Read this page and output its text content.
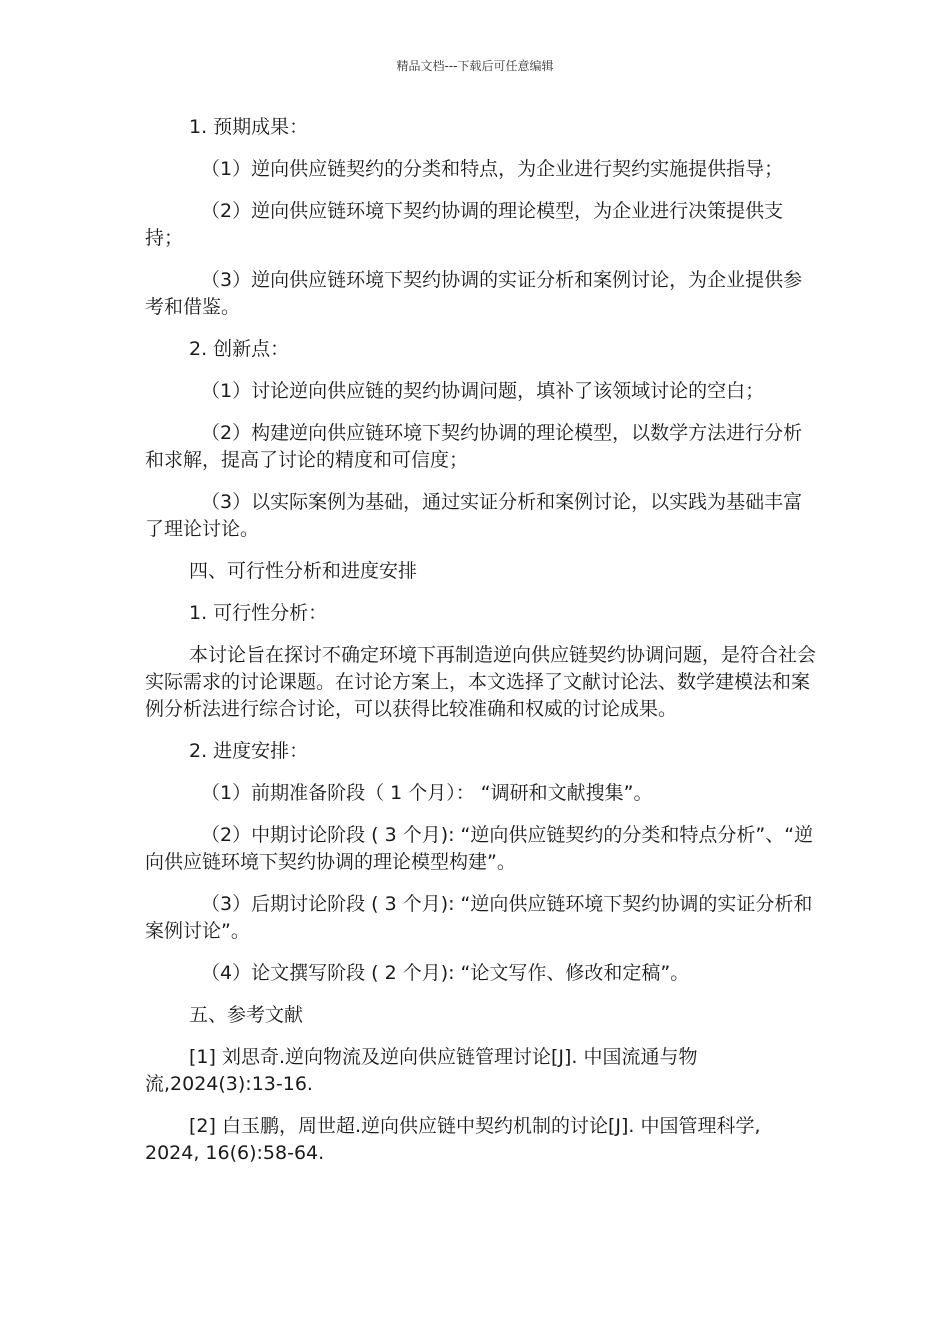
精品文档---下载后可任意编辑

1. 预期成果：

（1）逆向供应链契约的分类和特点，为企业进行契约实施提供指导；

（2）逆向供应链环境下契约协调的理论模型，为企业进行决策提供支持；

（3）逆向供应链环境下契约协调的实证分析和案例讨论，为企业提供参考和借鉴。

2. 创新点：

（1）讨论逆向供应链的契约协调问题，填补了该领域讨论的空白；

（2）构建逆向供应链环境下契约协调的理论模型，以数学方法进行分析和求解，提高了讨论的精度和可信度；

（3）以实际案例为基础，通过实证分析和案例讨论，以实践为基础丰富了理论讨论。

四、可行性分析和进度安排

1. 可行性分析：

本讨论旨在探讨不确定环境下再制造逆向供应链契约协调问题，是符合社会实际需求的讨论课题。在讨论方案上，本文选择了文献讨论法、数学建模法和案例分析法进行综合讨论，可以获得比较准确和权威的讨论成果。

2. 进度安排：

（1）前期准备阶段（ 1 个月）： “调研和文献搜集”。

（2）中期讨论阶段 ( 3 个月): “逆向供应链契约的分类和特点分析”、“逆向供应链环境下契约协调的理论模型构建”。

（3）后期讨论阶段 ( 3 个月): “逆向供应链环境下契约协调的实证分析和案例讨论”。

（4）论文撰写阶段 ( 2 个月): “论文写作、修改和定稿”。

五、参考文献

[1] 刘思奇.逆向物流及逆向供应链管理讨论[J]. 中国流通与物流,2024(3):13-16.

[2] 白玉鹏，周世超.逆向供应链中契约机制的讨论[J]. 中国管理科学, 2024, 16(6):58-64.
